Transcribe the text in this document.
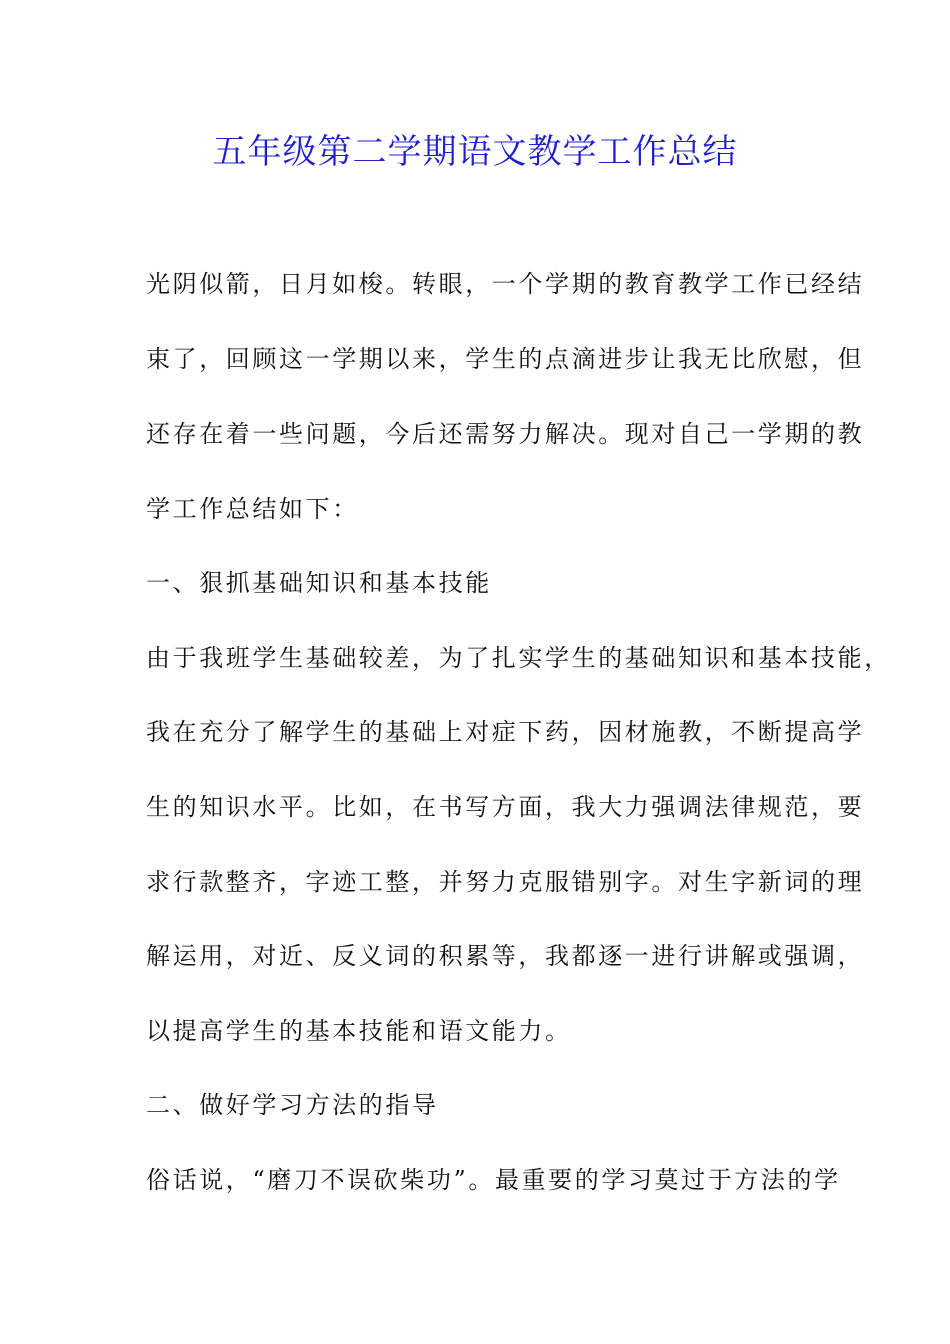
五年级第二学期语文教学工作总结
光阴似箭，日月如梭。转眼，一个学期的教育教学工作已经结
束了，回顾这一学期以来，学生的点滴进步让我无比欣慰，但
还存在着一些问题，今后还需努力解决。现对自己一学期的教
学工作总结如下：
一、狠抓基础知识和基本技能
由于我班学生基础较差，为了扎实学生的基础知识和基本技能，
我在充分了解学生的基础上对症下药，因材施教，不断提高学
生的知识水平。比如，在书写方面，我大力强调法律规范，要
求行款整齐，字迹工整，并努力克服错别字。对生字新词的理
解运用，对近、反义词的积累等，我都逐一进行讲解或强调，
以提高学生的基本技能和语文能力。
二、做好学习方法的指导
俗话说，“磨刀不误砍柴功”。最重要的学习莫过于方法的学
